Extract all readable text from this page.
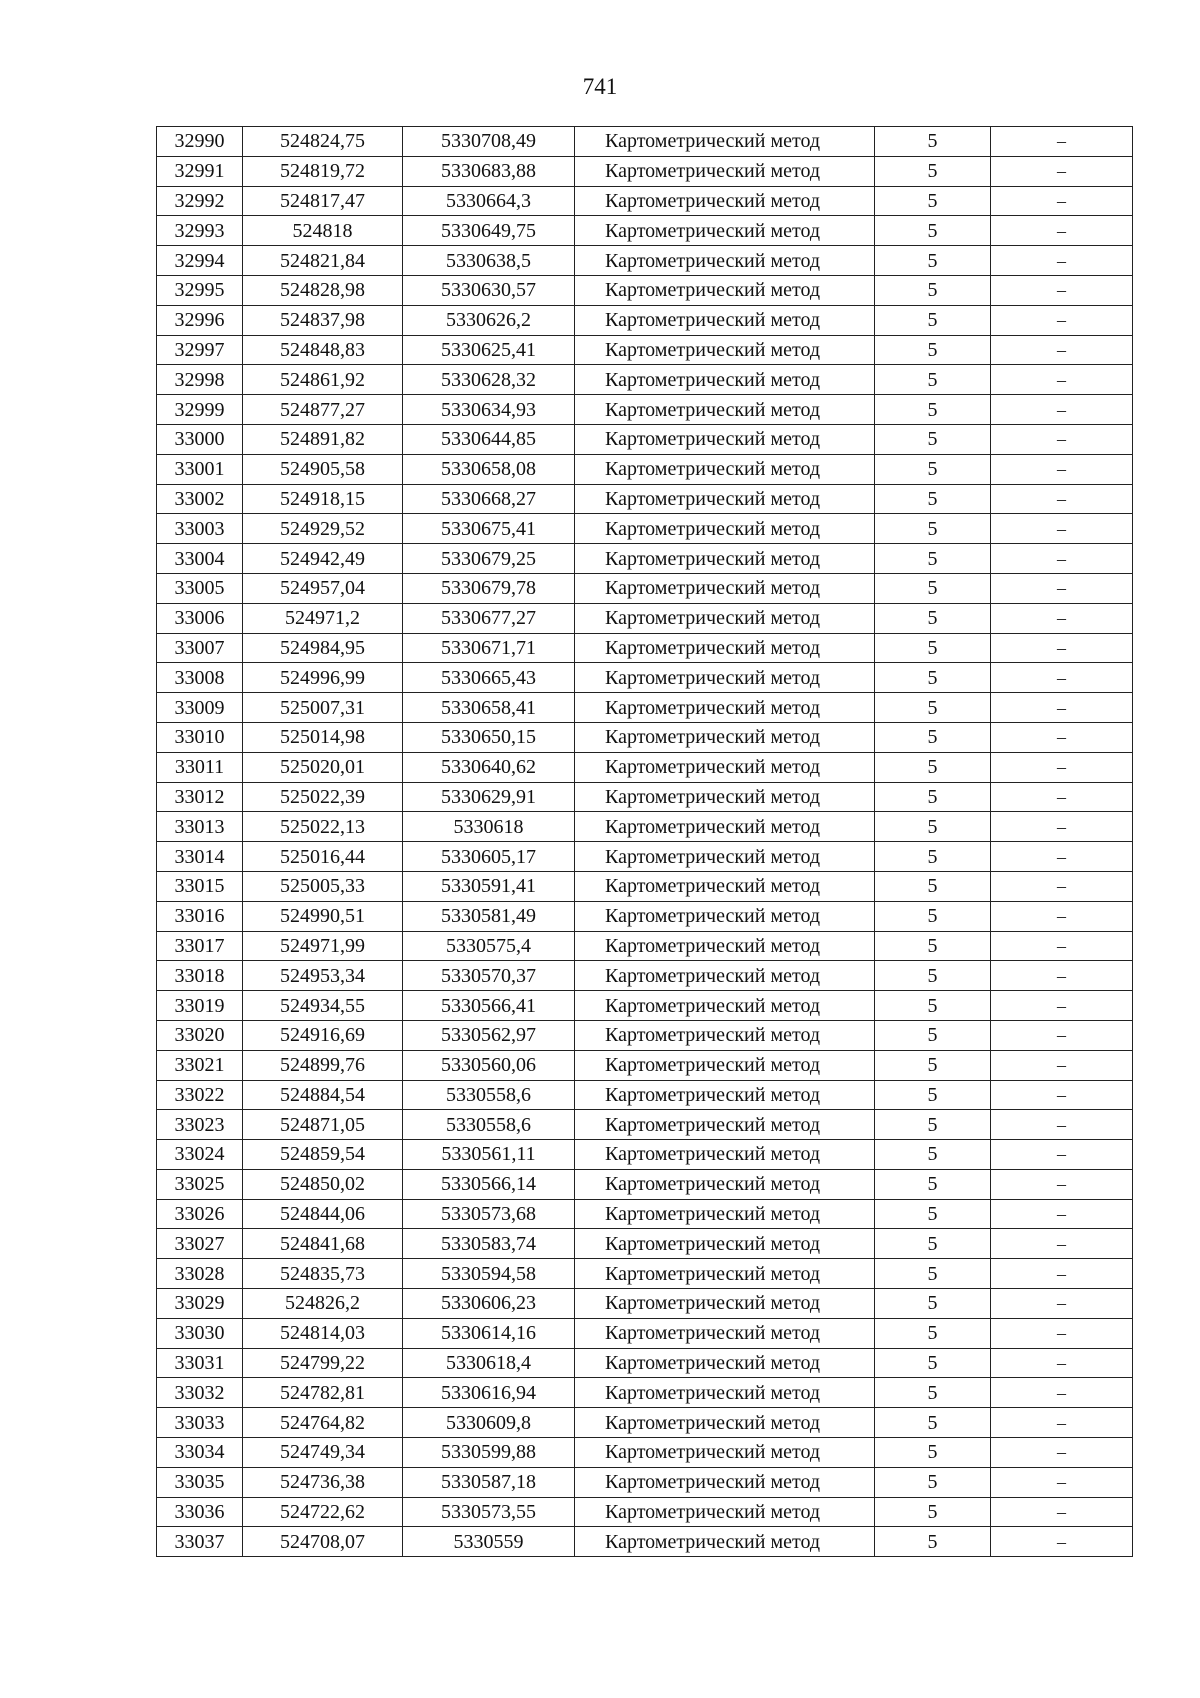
741
32990	524824,75	5330708,49	Картометрический метод	5	–
32991	524819,72	5330683,88	Картометрический метод	5	–
32992	524817,47	5330664,3	Картометрический метод	5	–
32993	524818	5330649,75	Картометрический метод	5	–
32994	524821,84	5330638,5	Картометрический метод	5	–
32995	524828,98	5330630,57	Картометрический метод	5	–
32996	524837,98	5330626,2	Картометрический метод	5	–
32997	524848,83	5330625,41	Картометрический метод	5	–
32998	524861,92	5330628,32	Картометрический метод	5	–
32999	524877,27	5330634,93	Картометрический метод	5	–
33000	524891,82	5330644,85	Картометрический метод	5	–
33001	524905,58	5330658,08	Картометрический метод	5	–
33002	524918,15	5330668,27	Картометрический метод	5	–
33003	524929,52	5330675,41	Картометрический метод	5	–
33004	524942,49	5330679,25	Картометрический метод	5	–
33005	524957,04	5330679,78	Картометрический метод	5	–
33006	524971,2	5330677,27	Картометрический метод	5	–
33007	524984,95	5330671,71	Картометрический метод	5	–
33008	524996,99	5330665,43	Картометрический метод	5	–
33009	525007,31	5330658,41	Картометрический метод	5	–
33010	525014,98	5330650,15	Картометрический метод	5	–
33011	525020,01	5330640,62	Картометрический метод	5	–
33012	525022,39	5330629,91	Картометрический метод	5	–
33013	525022,13	5330618	Картометрический метод	5	–
33014	525016,44	5330605,17	Картометрический метод	5	–
33015	525005,33	5330591,41	Картометрический метод	5	–
33016	524990,51	5330581,49	Картометрический метод	5	–
33017	524971,99	5330575,4	Картометрический метод	5	–
33018	524953,34	5330570,37	Картометрический метод	5	–
33019	524934,55	5330566,41	Картометрический метод	5	–
33020	524916,69	5330562,97	Картометрический метод	5	–
33021	524899,76	5330560,06	Картометрический метод	5	–
33022	524884,54	5330558,6	Картометрический метод	5	–
33023	524871,05	5330558,6	Картометрический метод	5	–
33024	524859,54	5330561,11	Картометрический метод	5	–
33025	524850,02	5330566,14	Картометрический метод	5	–
33026	524844,06	5330573,68	Картометрический метод	5	–
33027	524841,68	5330583,74	Картометрический метод	5	–
33028	524835,73	5330594,58	Картометрический метод	5	–
33029	524826,2	5330606,23	Картометрический метод	5	–
33030	524814,03	5330614,16	Картометрический метод	5	–
33031	524799,22	5330618,4	Картометрический метод	5	–
33032	524782,81	5330616,94	Картометрический метод	5	–
33033	524764,82	5330609,8	Картометрический метод	5	–
33034	524749,34	5330599,88	Картометрический метод	5	–
33035	524736,38	5330587,18	Картометрический метод	5	–
33036	524722,62	5330573,55	Картометрический метод	5	–
33037	524708,07	5330559	Картометрический метод	5	–
